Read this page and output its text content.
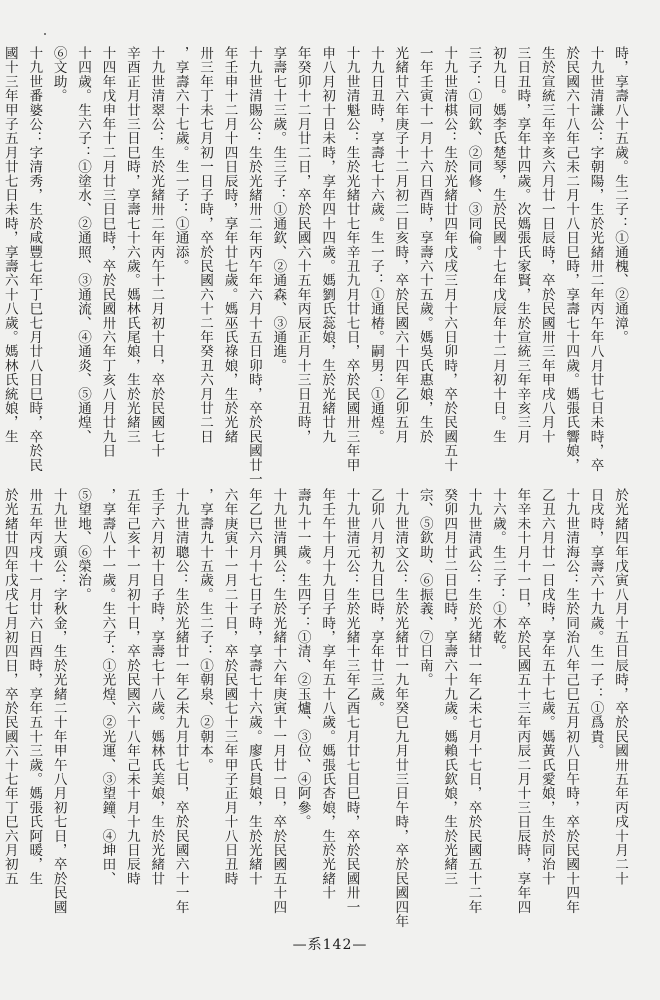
時，享壽八十五歲。生二子：①通槐、②通漳。
十九世清謙公：字朝陽，生於光緒卅二年丙午年八月廿七日未時，卒
於民國六十八年己未二月十八日巳時，享壽七十四歲。媽張氏響娘，
生於宣統三年辛亥六月廿一日辰時，卒於民國卅三年甲戌八月十
三日丑時，享年廿四歲。次媽張氏家賢，生於宣統三年辛亥三月
初九日。媽李氏楚琴，生於民國十七年戊辰年十二月初十日。生
三子：①同欽、②同修、③同倫。
十九世清棋公：生於光緒廿四年戊戌三月十六日卯時，卒於民國五十
一年壬寅十一月十六日酉時，享壽六十五歲。媽吳氏惠娘，生於
光緒廿六年庚子十二月初二日亥時，卒於民國六十四年乙卯五月
十九日丑時，享壽七十六歲。生一子：①通椿。嗣男：①通煌。
十九世清魁公：生於光緒廿七年辛丑九月廿七日，卒於民國卅三年甲
申八月初十日未時，享年四十四歲。媽劉氏蕊娘，生於光緒廿九
年癸卯十二月廿二日，卒於民國六十五年丙辰正月十三日丑時，
享壽七十三歲。生三子：①通欽、②通森、③通進。
十九世清賜公：生於光緒卅二年丙午年六月十五日卯時，卒於民國廿一
年壬申十二月十四日辰時，享年廿七歲。媽巫氏祿娘，生於光緒
卅三年丁未七月初一日子時，卒於民國六十二年癸丑六月廿二日
，享壽六十七歲。生一子：①通添。
十九世清翠公：生於光緒卅二年丙午十二月初十日，卒於民國七十
辛酉正月廿三日巳時，享壽七十六歲。媽林氏尾娘，生於光緒三
十四年戊申年十二月廿三日巳時，卒於民國卅六年丁亥八月廿九日
十四歲。生六子：①塗水、②通照、③通流、④通炎、⑤通煌、
⑥文助。
十九世番婆公：字清秀，生於咸豐七年丁巳七月廿八日巳時，卒於民
國十三年甲子五月廿七日未時，享壽六十八歲。媽林氏統娘，生
於光緒四年戊寅八月十五日辰時，卒於民國卅五年丙戌十月二十
日戌時，享壽六十九歲。生一子：①爲貴。
十九世清海公：生於同治八年己巳五月初八日午時，卒於民國十四年
乙丑六月廿一日戌時，享年五十七歲。媽黃氏愛娘，生於同治十
年辛未十月十一日，卒於民國五十三年丙辰二月十三日辰時，享年四
十六歲。生二子：①木乾。
十九世清武公：生於光緒廿一年乙未七月十七日，卒於民國五十二年
癸卯四月廿二日巳時，享壽六十九歲。媽賴氏欽娘，生於光緒三
宗、⑤欽助、⑥振義、⑦日南。
十九世清文公：生於光緒廿一九年癸巳九月廿三日午時，卒於民國四年
乙卯八月初九日巳時，享年廿三歲。
十九世清元公：生於光緒十三年乙酉七月廿七日巳時，卒於民國卅一
年壬午十月十九日子時，享年五十八歲。媽張氏杏娘，生於光緒十
壽九十一歲。生四子：①清、②玉爐、③位、④阿參。
十九世清興公：生於光緒十六年庚寅十一月廿一日，卒於民國五十四
年乙巳六月十七日子時，享壽七十六歲。廖氏員娘，生於光緒十
六年庚寅十一月二十日，卒於民國七十三年甲子正月十八日丑時
，享壽九十五歲。生二子：①朝泉、②朝本。
十九世清聰公：生於光緒廿一年乙未九月廿七日，卒於民國六十一年
壬子六月初十日子時，享壽七十八歲。媽林氏美娘，生於光緒廿
五年己亥十一月初十日，卒於民國六十八年己未十月十九日辰時
，享壽八十一歲。生六子：①光煌、②光運、③望鐘、④坤田、
⑤望地、⑥榮治。
十九世大頭公：字秋金，生於光緒二十年甲午八月初七日，卒於民國
卅五年丙戌十一月廿六日酉時，享年五十三歲。媽張氏阿暖，生
於光緒廿四年戊戌七月初四日，卒於民國六十七年丁巳六月初五
—系142—
